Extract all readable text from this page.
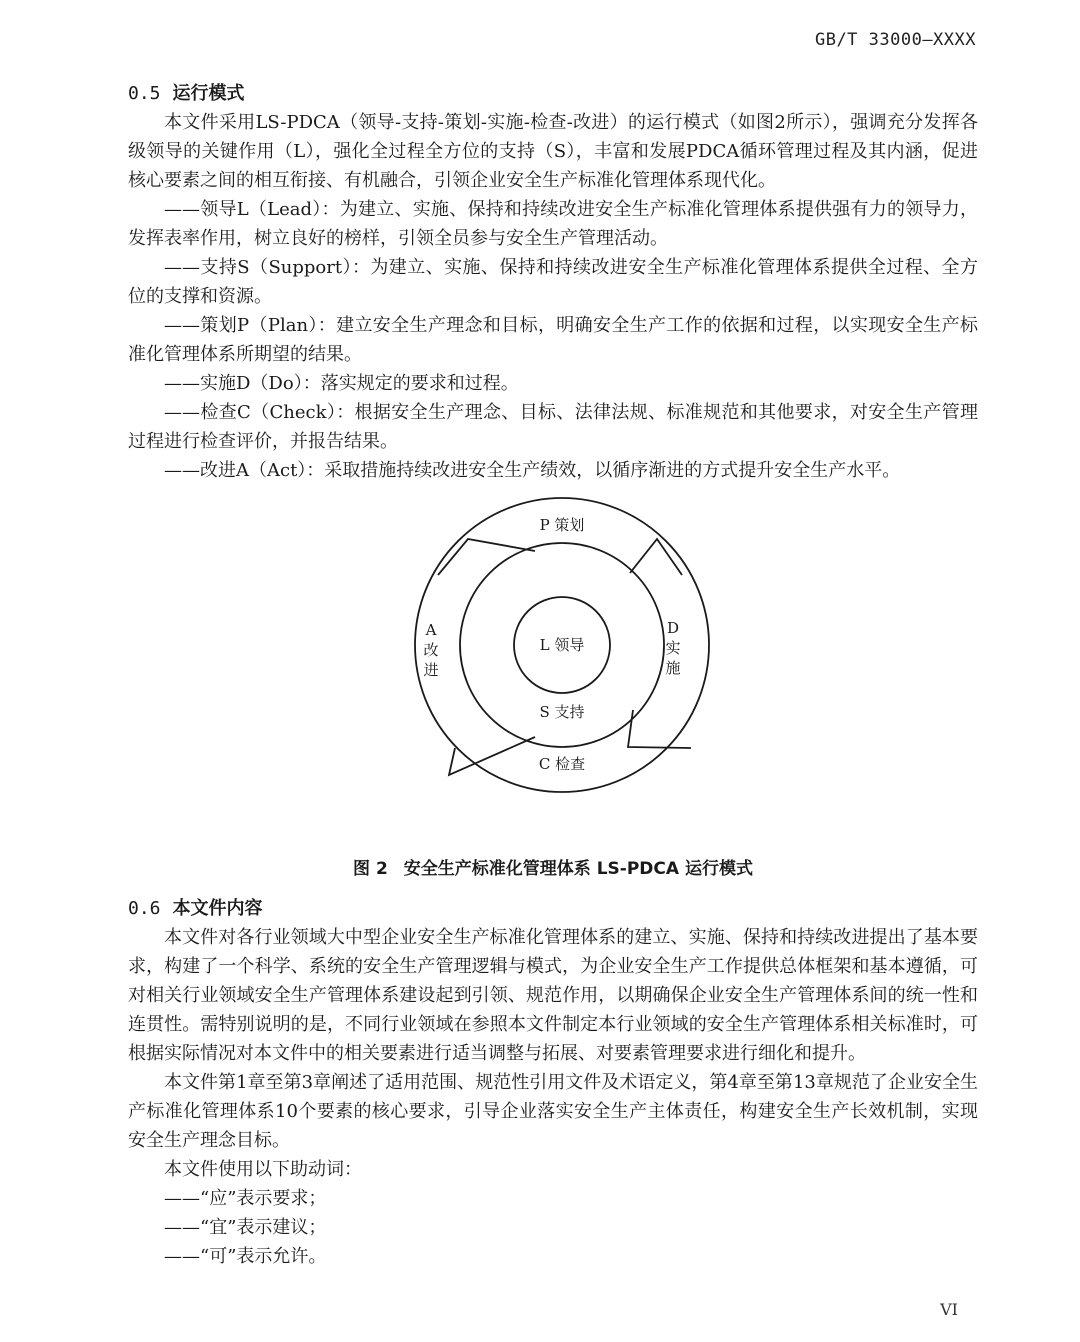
GB/T 33000—XXXX
0.5 运行模式

本文件采用LS-PDCA（领导-支持-策划-实施-检查-改进）的运行模式（如图2所示），强调充分发挥各级领导的关键作用（L），强化全过程全方位的支持（S），丰富和发展PDCA循环管理过程及其内涵，促进核心要素之间的相互衔接、有机融合，引领企业安全生产标准化管理体系现代化。

——领导L（Lead）：为建立、实施、保持和持续改进安全生产标准化管理体系提供强有力的领导力，发挥表率作用，树立良好的榜样，引领全员参与安全生产管理活动。

——支持S（Support）：为建立、实施、保持和持续改进安全生产标准化管理体系提供全过程、全方位的支撑和资源。

——策划P（Plan）：建立安全生产理念和目标，明确安全生产工作的依据和过程，以实现安全生产标准化管理体系所期望的结果。

——实施D（Do）：落实规定的要求和过程。

——检查C（Check）：根据安全生产理念、目标、法律法规、标准规范和其他要求，对安全生产管理过程进行检查评价，并报告结果。

——改进A（Act）：采取措施持续改进安全生产绩效，以循序渐进的方式提升安全生产水平。

P 策划
D
实
施
C 检查
A
改
进
L 领导
S 支持

图 2 安全生产标准化管理体系 LS-PDCA 运行模式

0.6 本文件内容

本文件对各行业领域大中型企业安全生产标准化管理体系的建立、实施、保持和持续改进提出了基本要求，构建了一个科学、系统的安全生产管理逻辑与模式，为企业安全生产工作提供总体框架和基本遵循，可对相关行业领域安全生产管理体系建设起到引领、规范作用，以期确保企业安全生产管理体系间的统一性和连贯性。需特别说明的是，不同行业领域在参照本文件制定本行业领域的安全生产管理体系相关标准时，可根据实际情况对本文件中的相关要素进行适当调整与拓展、对要素管理要求进行细化和提升。

本文件第1章至第3章阐述了适用范围、规范性引用文件及术语定义，第4章至第13章规范了企业安全生产标准化管理体系10个要素的核心要求，引导企业落实安全生产主体责任，构建安全生产长效机制，实现安全生产理念目标。

本文件使用以下助动词：

——“应”表示要求；

——“宜”表示建议；

——“可”表示允许。

VI
